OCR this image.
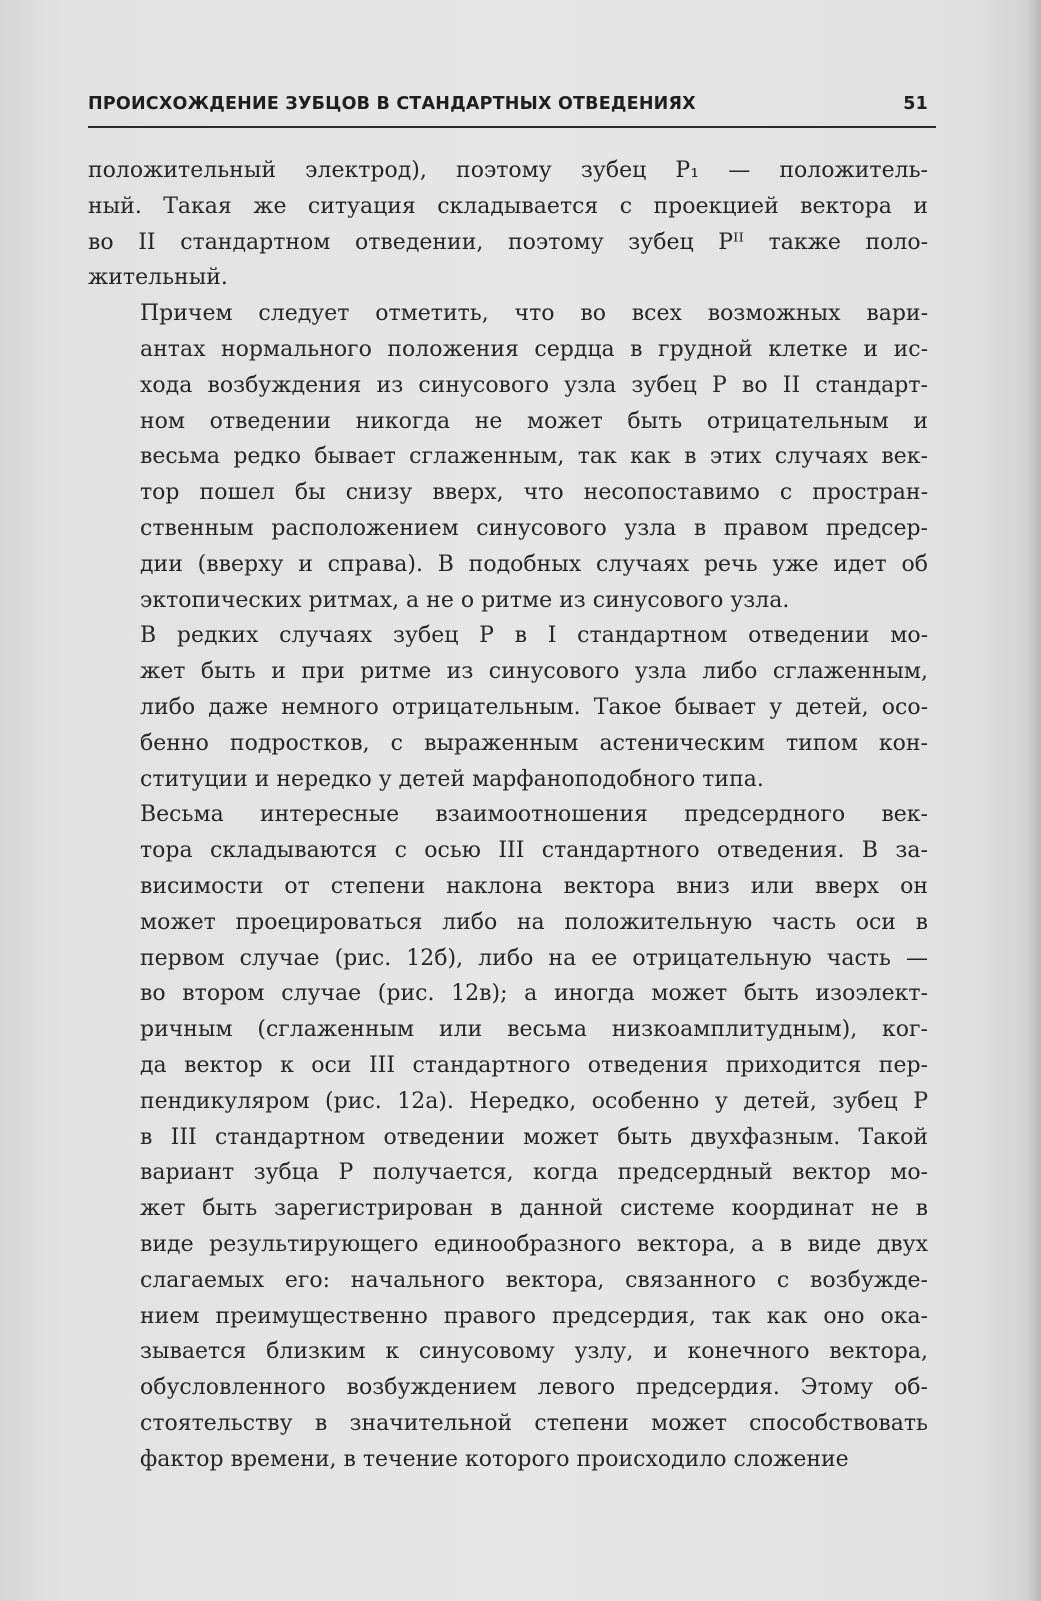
ПРОИСХОЖДЕНИЕ ЗУБЦОВ В СТАНДАРТНЫХ ОТВЕДЕНИЯХ	51

положительный электрод), поэтому зубец P₁ — положитель-
ный. Такая же ситуация складывается с проекцией вектора и
во II стандартном отведении, поэтому зубец Pᴵᴵ также поло-
жительный.

Причем следует отметить, что во всех возможных вари-
антах нормального положения сердца в грудной клетке и ис-
хода возбуждения из синусового узла зубец Р во II стандарт-
ном отведении никогда не может быть отрицательным и
весьма редко бывает сглаженным, так как в этих случаях век-
тор пошел бы снизу вверх, что несопоставимо с простран-
ственным расположением синусового узла в правом предсер-
дии (вверху и справа). В подобных случаях речь уже идет об
эктопических ритмах, а не о ритме из синусового узла.

В редких случаях зубец Р в I стандартном отведении мо-
жет быть и при ритме из синусового узла либо сглаженным,
либо даже немного отрицательным. Такое бывает у детей, осо-
бенно подростков, с выраженным астеническим типом кон-
ституции и нередко у детей марфаноподобного типа.

Весьма интересные взаимоотношения предсердного век-
тора складываются с осью III стандартного отведения. В за-
висимости от степени наклона вектора вниз или вверх он
может проецироваться либо на положительную часть оси в
первом случае (рис. 12б), либо на ее отрицательную часть —
во втором случае (рис. 12в); а иногда может быть изоэлект-
ричным (сглаженным или весьма низкоамплитудным), ког-
да вектор к оси III стандартного отведения приходится пер-
пендикуляром (рис. 12а). Нередко, особенно у детей, зубец Р
в III стандартном отведении может быть двухфазным. Такой
вариант зубца Р получается, когда предсердный вектор мо-
жет быть зарегистрирован в данной системе координат не в
виде результирующего единообразного вектора, а в виде двух
слагаемых его: начального вектора, связанного с возбужде-
нием преимущественно правого предсердия, так как оно ока-
зывается близким к синусовому узлу, и конечного вектора,
обусловленного возбуждением левого предсердия. Этому об-
стоятельству в значительной степени может способствовать
фактор времени, в течение которого происходило сложение
